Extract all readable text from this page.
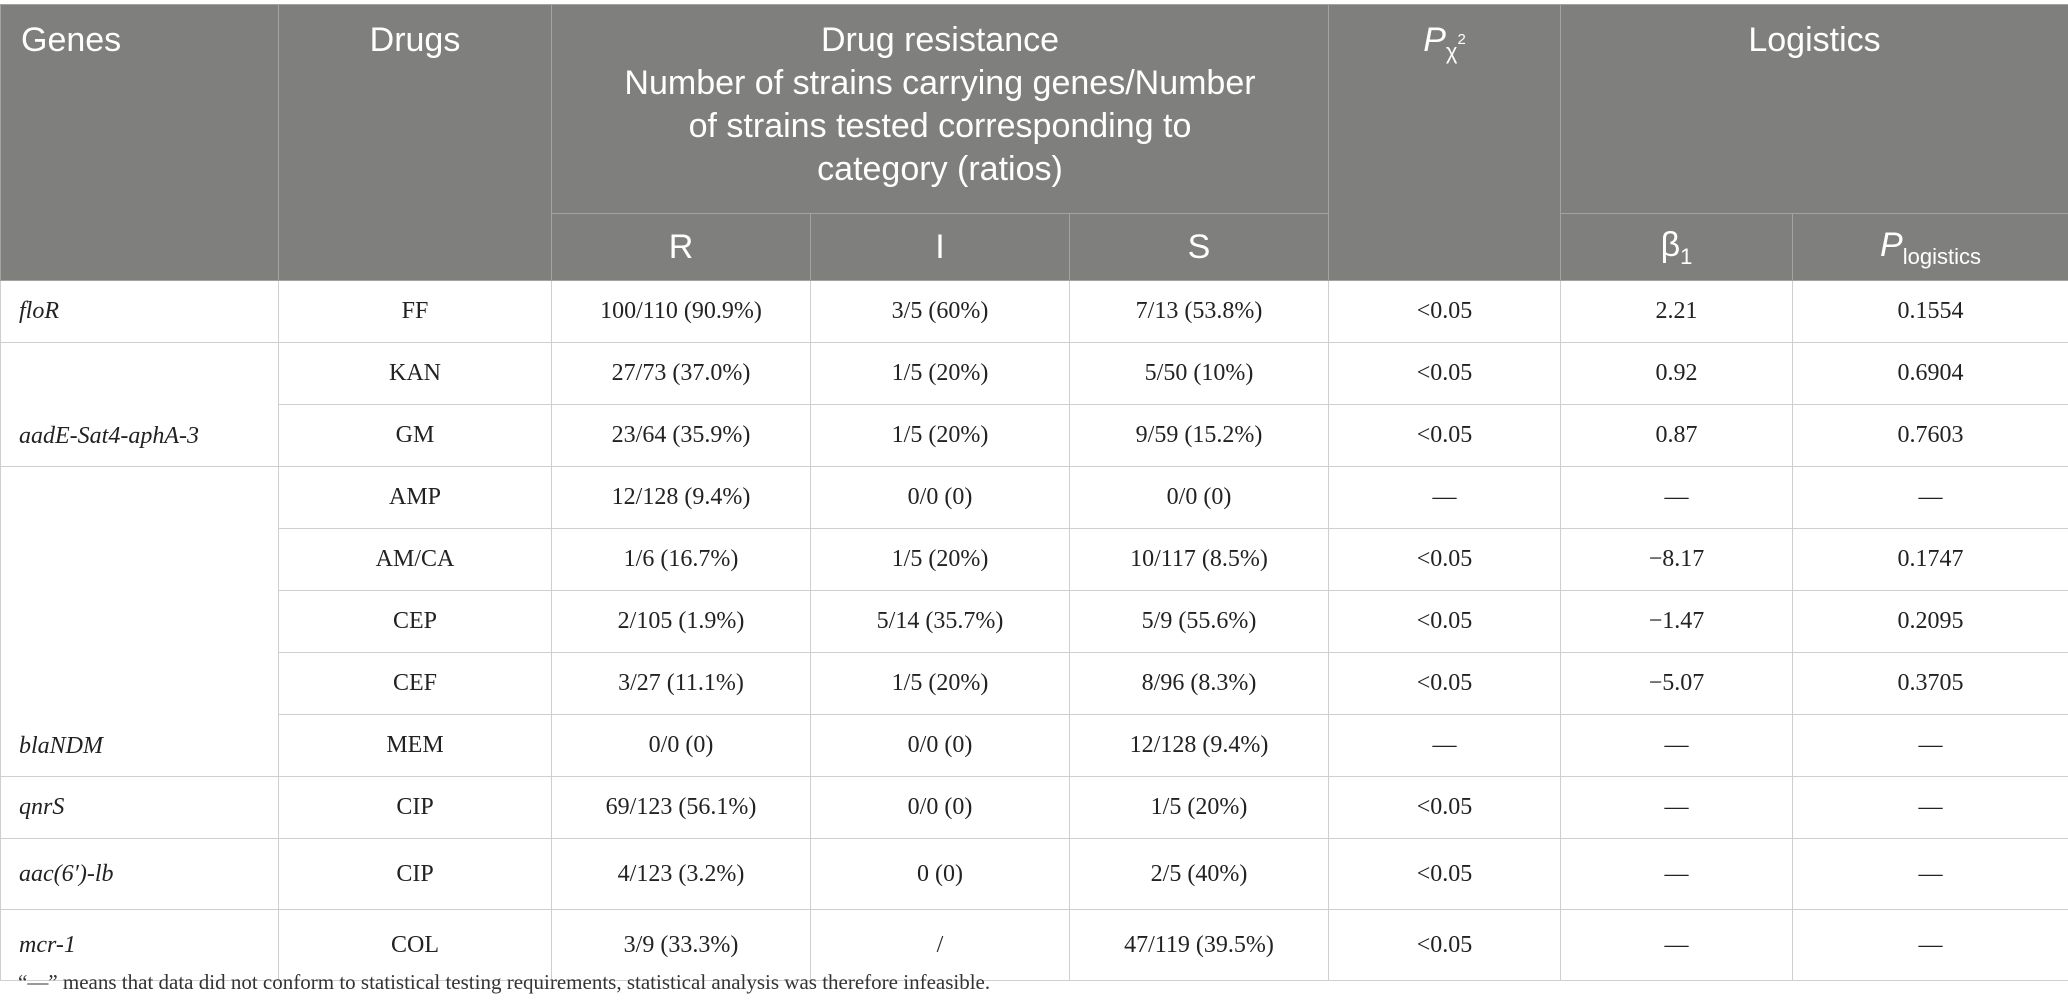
Genes	Drugs	Drug resistance
Number of strains carrying genes/Number
of strains tested corresponding to
category (ratios)			$P_\chi^2$	Logistics	
		R	I	S		$\beta_1$	$P_{logistics}$
floR	FF	100/110 (90.9%)	3/5 (60%)	7/13 (53.8%)	<0.05	2.21	0.1554
aadE-Sat4-aphA-3	KAN	27/73 (37.0%)	1/5 (20%)	5/50 (10%)	<0.05	0.92	0.6904
	GM	23/64 (35.9%)	1/5 (20%)	9/59 (15.2%)	<0.05	0.87	0.7603
blaNDM	AMP	12/128 (9.4%)	0/0 (0)	0/0 (0)	—	—	—
	AM/CA	1/6 (16.7%)	1/5 (20%)	10/117 (8.5%)	<0.05	−8.17	0.1747
	CEP	2/105 (1.9%)	5/14 (35.7%)	5/9 (55.6%)	<0.05	−1.47	0.2095
	CEF	3/27 (11.1%)	1/5 (20%)	8/96 (8.3%)	<0.05	−5.07	0.3705
	MEM	0/0 (0)	0/0 (0)	12/128 (9.4%)	—	—	—
qnrS	CIP	69/123 (56.1%)	0/0 (0)	1/5 (20%)	<0.05	—	—
aac(6′)-lb	CIP	4/123 (3.2%)	0 (0)	2/5 (40%)	<0.05	—	—
mcr-1	COL	3/9 (33.3%)	/	47/119 (39.5%)	<0.05	—	—
“—” means that data did not conform to statistical testing requirements, statistical analysis was therefore infeasible.
